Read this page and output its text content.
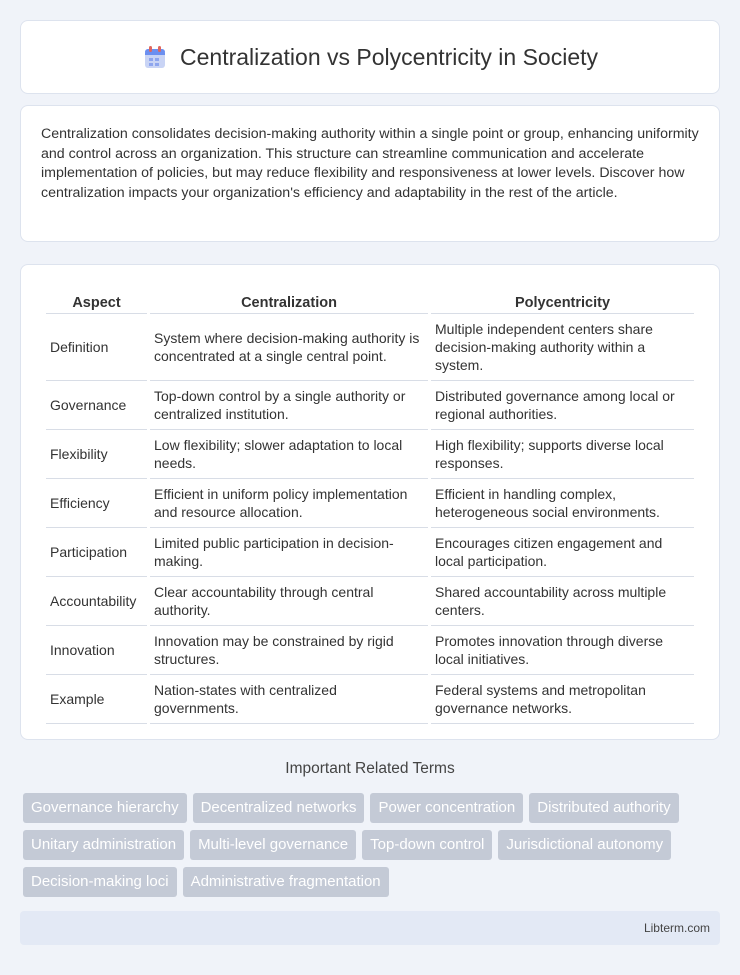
Centralization vs Polycentricity in Society

Centralization consolidates decision-making authority within a single point or group, enhancing uniformity and control across an organization. This structure can streamline communication and accelerate implementation of policies, but may reduce flexibility and responsiveness at lower levels. Discover how centralization impacts your organization's efficiency and adaptability in the rest of the article.

Aspect	Centralization	Polycentricity
Definition	System where decision-making authority is concentrated at a single central point.	Multiple independent centers share decision-making authority within a system.
Governance	Top-down control by a single authority or centralized institution.	Distributed governance among local or regional authorities.
Flexibility	Low flexibility; slower adaptation to local needs.	High flexibility; supports diverse local responses.
Efficiency	Efficient in uniform policy implementation and resource allocation.	Efficient in handling complex, heterogeneous social environments.
Participation	Limited public participation in decision-making.	Encourages citizen engagement and local participation.
Accountability	Clear accountability through central authority.	Shared accountability across multiple centers.
Innovation	Innovation may be constrained by rigid structures.	Promotes innovation through diverse local initiatives.
Example	Nation-states with centralized governments.	Federal systems and metropolitan governance networks.
Important Related Terms
Governance hierarchy	Decentralized networks	Power concentration	Distributed authority
Unitary administration	Multi-level governance	Top-down control	Jurisdictional autonomy
Decision-making loci	Administrative fragmentation
Libterm.com
